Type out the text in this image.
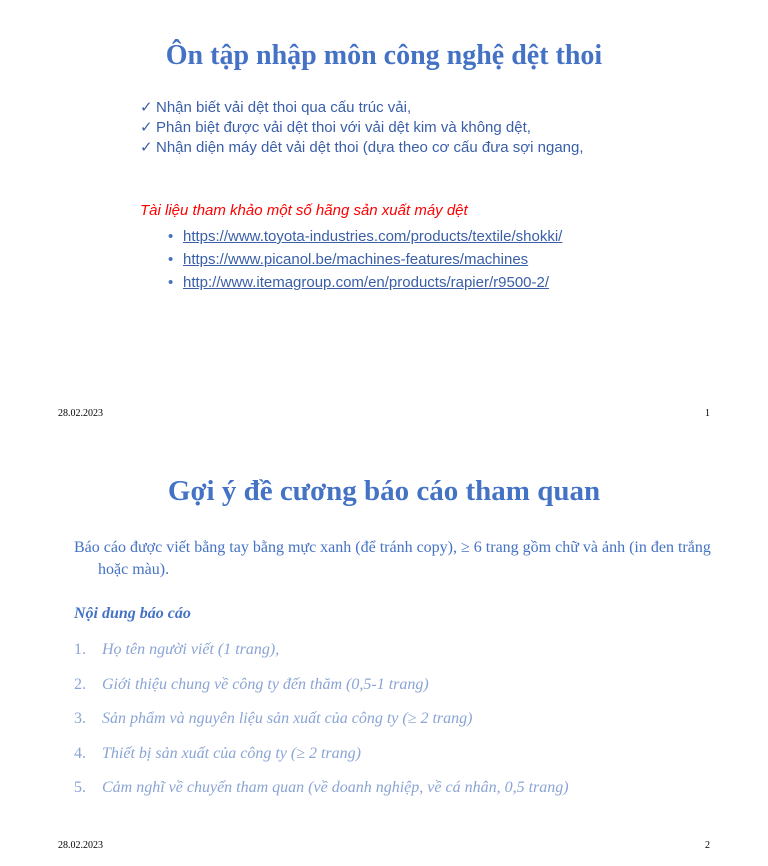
Ôn tập nhập môn công nghệ dệt thoi
✓ Nhận biết vải dệt thoi qua cấu trúc vải,
✓ Phân biệt được vải dệt thoi với vải dệt kim và không dệt,
✓ Nhận diện máy dêt vải dệt thoi (dựa theo cơ cấu đưa sợi ngang,
Tài liệu tham khảo một số hãng sản xuất máy dệt
• https://www.toyota-industries.com/products/textile/shokki/
• https://www.picanol.be/machines-features/machines
• http://www.itemagroup.com/en/products/rapier/r9500-2/
28.02.2023	1
Gợi ý đề cương báo cáo tham quan
Báo cáo được viết bằng tay bằng mực xanh (để tránh copy), ≥ 6 trang gồm chữ và ảnh (in đen trắng hoặc màu).
Nội dung báo cáo
1. Họ tên người viết (1 trang),
2. Giới thiệu chung về công ty đến thăm (0,5-1 trang)
3. Sản phẩm và nguyên liệu sản xuất của công ty (≥ 2 trang)
4. Thiết bị sản xuất của công ty (≥ 2 trang)
5. Cảm nghĩ về chuyến tham quan (về doanh nghiệp, về cá nhân, 0,5 trang)
28.02.2023	2
